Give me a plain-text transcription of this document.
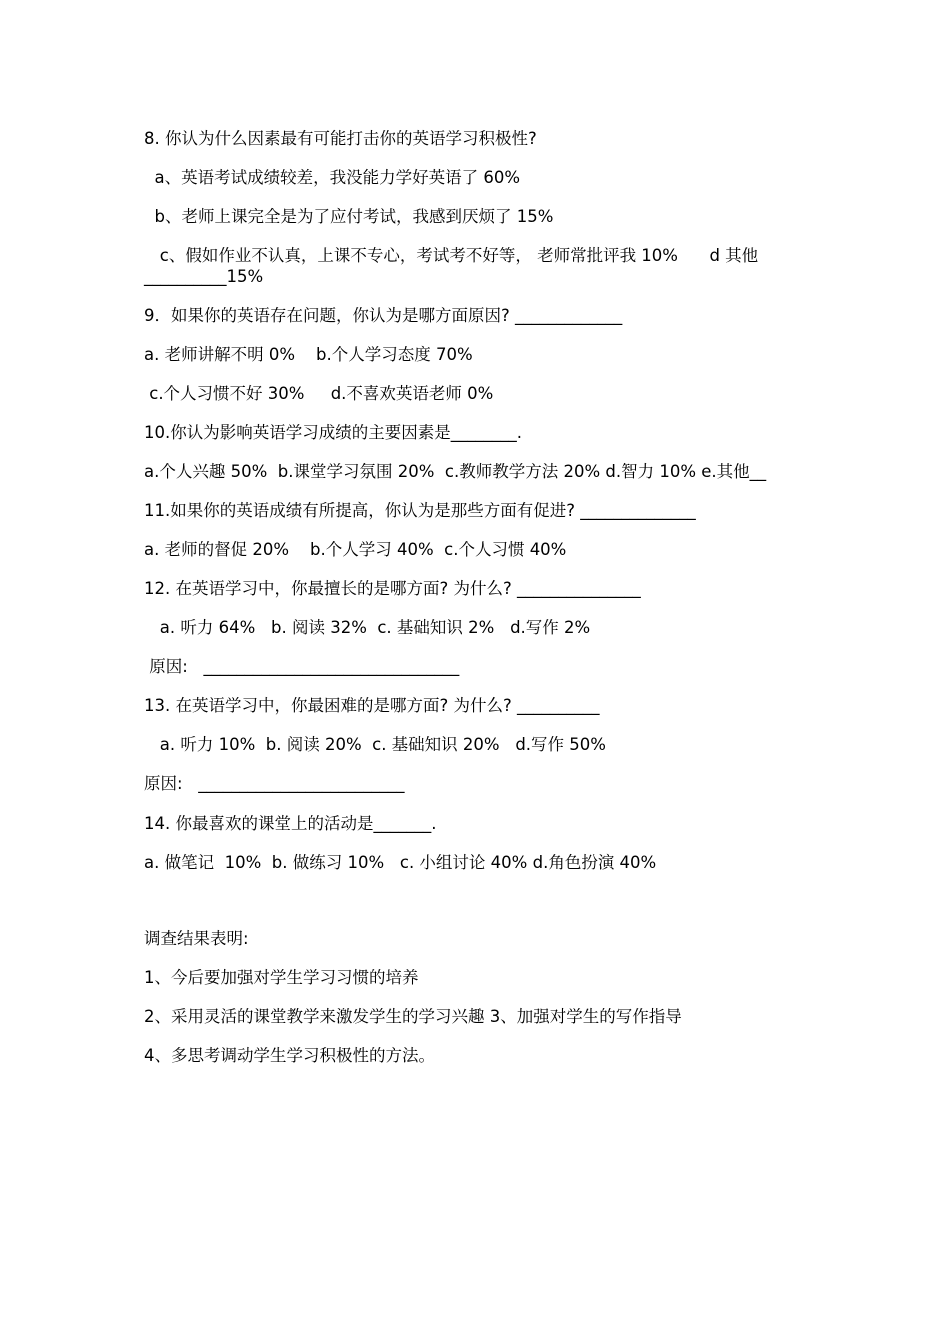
8. 你认为什么因素最有可能打击你的英语学习积极性?
a、英语考试成绩较差，我没能力学好英语了 60%
b、老师上课完全是为了应付考试，我感到厌烦了 15%
c、假如作业不认真，上课不专心，考试考不好等， 老师常批评我 10%      d 其他__________15%
9．如果你的英语存在问题，你认为是哪方面原因? _____________
a. 老师讲解不明 0%    b.个人学习态度 70%
c.个人习惯不好 30%     d.不喜欢英语老师 0%
10.你认为影响英语学习成绩的主要因素是________.
a.个人兴趣 50%  b.课堂学习氛围 20%  c.教师教学方法 20% d.智力 10% e.其他__
11.如果你的英语成绩有所提高，你认为是那些方面有促进? ______________
a. 老师的督促 20%    b.个人学习 40%  c.个人习惯 40%
12. 在英语学习中，你最擅长的是哪方面? 为什么? _______________
a. 听力 64%   b. 阅读 32%  c. 基础知识 2%   d.写作 2%
原因:   _______________________________
13. 在英语学习中，你最困难的是哪方面? 为什么? __________
a. 听力 10%  b. 阅读 20%  c. 基础知识 20%   d.写作 50%
原因:   _________________________
14. 你最喜欢的课堂上的活动是_______.
a. 做笔记  10%  b. 做练习 10%   c. 小组讨论 40% d.角色扮演 40%
调查结果表明:
1、今后要加强对学生学习习惯的培养
2、采用灵活的课堂教学来激发学生的学习兴趣 3、加强对学生的写作指导
4、多思考调动学生学习积极性的方法。
